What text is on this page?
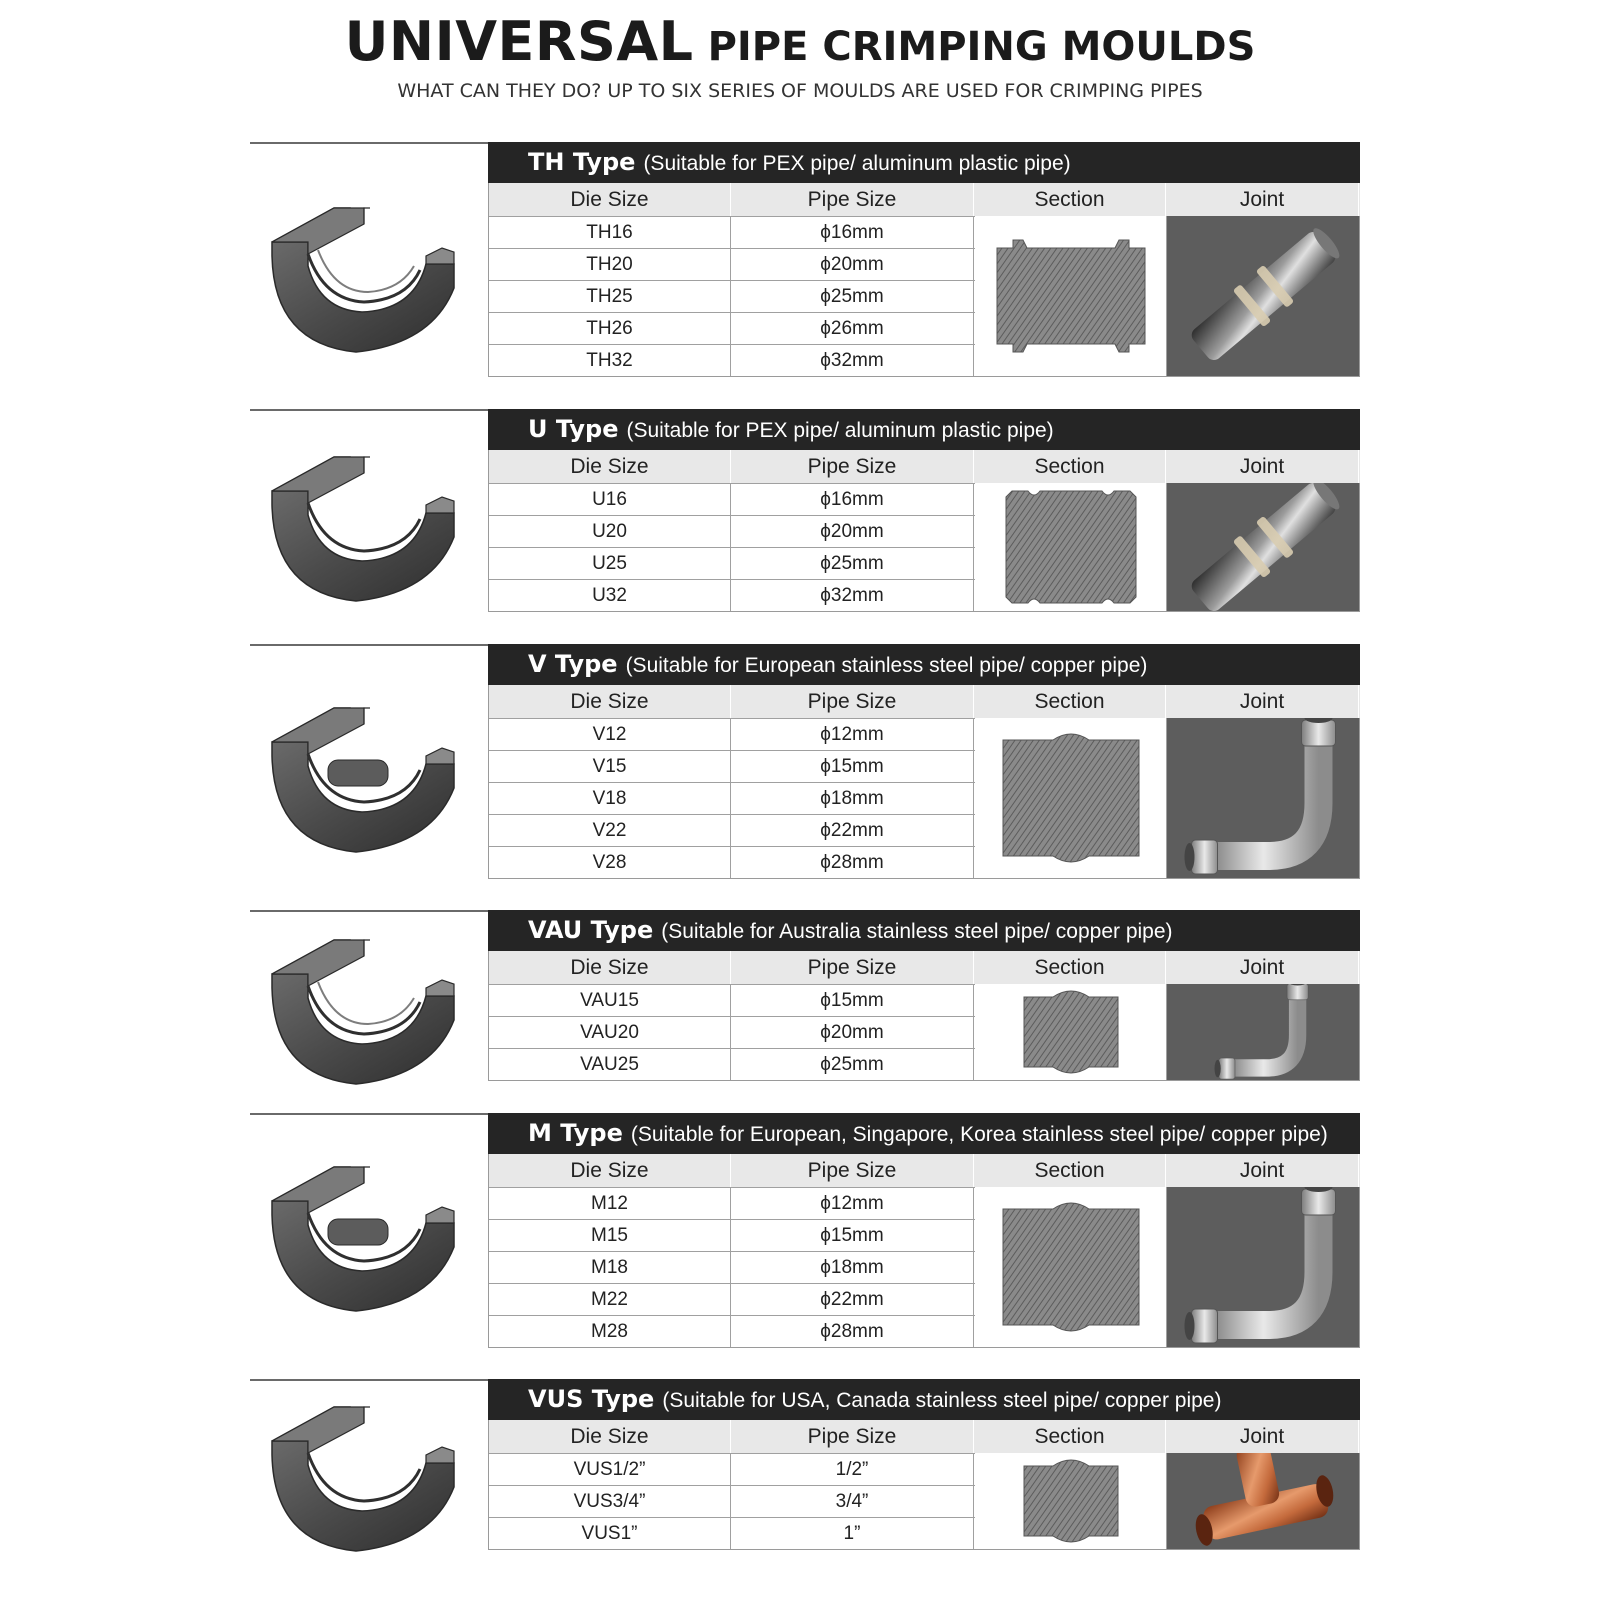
UNIVERSAL PIPE CRIMPING MOULDS
WHAT CAN THEY DO? UP TO SIX SERIES OF MOULDS ARE USED FOR CRIMPING PIPES
TH Type (Suitable for PEX pipe/ aluminum plastic pipe)
Die Size	Pipe Size	Section	Joint
TH16	ϕ16mm
TH20	ϕ20mm
TH25	ϕ25mm
TH26	ϕ26mm
TH32	ϕ32mm
U Type (Suitable for PEX pipe/ aluminum plastic pipe)
Die Size	Pipe Size	Section	Joint
U16	ϕ16mm
U20	ϕ20mm
U25	ϕ25mm
U32	ϕ32mm
V Type (Suitable for European stainless steel pipe/ copper pipe)
Die Size	Pipe Size	Section	Joint
V12	ϕ12mm
V15	ϕ15mm
V18	ϕ18mm
V22	ϕ22mm
V28	ϕ28mm
VAU Type (Suitable for Australia stainless steel pipe/ copper pipe)
Die Size	Pipe Size	Section	Joint
VAU15	ϕ15mm
VAU20	ϕ20mm
VAU25	ϕ25mm
M Type (Suitable for European, Singapore, Korea stainless steel pipe/ copper pipe)
Die Size	Pipe Size	Section	Joint
M12	ϕ12mm
M15	ϕ15mm
M18	ϕ18mm
M22	ϕ22mm
M28	ϕ28mm
VUS Type (Suitable for USA, Canada stainless steel pipe/ copper pipe)
Die Size	Pipe Size	Section	Joint
VUS1/2”	1/2”
VUS3/4”	3/4”
VUS1”	1”
